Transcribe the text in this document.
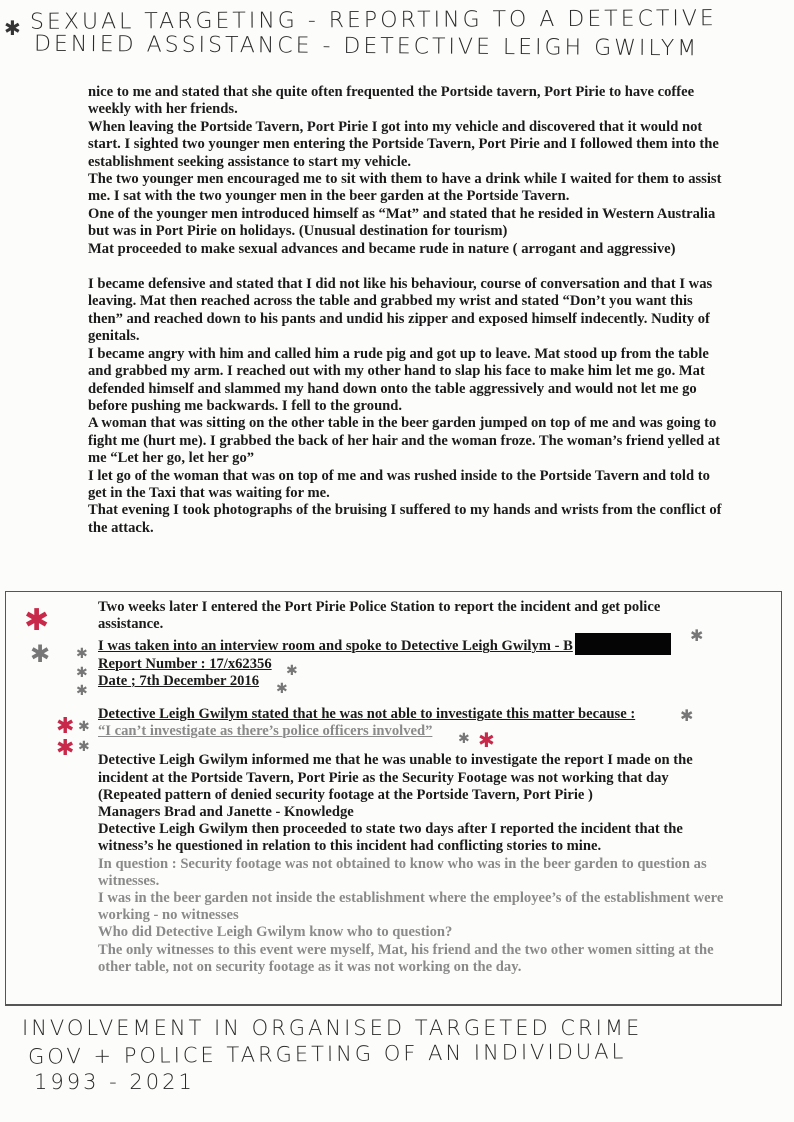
✱ SEXUAL TARGETING - REPORTING TO A DETECTIVE
DENIED ASSISTANCE - DETECTIVE LEIGH GWILYM

nice to me and stated that she quite often frequented the Portside tavern, Port Pirie to have coffee weekly with her friends.

When leaving the Portside Tavern, Port Pirie I got into my vehicle and discovered that it would not start. I sighted two younger men entering the Portside Tavern, Port Pirie and I followed them into the establishment seeking assistance to start my vehicle.

The two younger men encouraged me to sit with them to have a drink while I waited for them to assist me. I sat with the two younger men in the beer garden at the Portside Tavern.

One of the younger men introduced himself as “Mat” and stated that he resided in Western Australia but was in Port Pirie on holidays. (Unusual destination for tourism)

Mat proceeded to make sexual advances and became rude in nature ( arrogant and aggressive)

I became defensive and stated that I did not like his behaviour, course of conversation and that I was leaving. Mat then reached across the table and grabbed my wrist and stated “Don’t you want this then” and reached down to his pants and undid his zipper and exposed himself indecently. Nudity of genitals.

I became angry with him and called him a rude pig and got up to leave. Mat stood up from the table and grabbed my arm. I reached out with my other hand to slap his face to make him let me go. Mat defended himself and slammed my hand down onto the table aggressively and would not let me go before pushing me backwards. I fell to the ground.

A woman that was sitting on the other table in the beer garden jumped on top of me and was going to fight me (hurt me). I grabbed the back of her hair and the woman froze. The woman’s friend yelled at me “Let her go, let her go”

I let go of the woman that was on top of me and was rushed inside to the Portside Tavern and told to get in the Taxi that was waiting for me.

That evening I took photographs of the bruising I suffered to my hands and wrists from the conflict of the attack.

✱
✱ ✱
✱
✱
✱
✱
✱
✱
✱
✱
✱
✱
✱ ✱

Two weeks later I entered the Port Pirie Police Station to report the incident and get police assistance.

I was taken into an interview room and spoke to Detective Leigh Gwilym - B

Report Number : 17/x62356

Date ; 7th December 2016

Detective Leigh Gwilym stated that he was not able to investigate this matter because :

“I can’t investigate as there’s police officers involved”

Detective Leigh Gwilym informed me that he was unable to investigate the report I made on the incident at the Portside Tavern, Port Pirie as the Security Footage was not working that day (Repeated pattern of denied security footage at the Portside Tavern, Port Pirie )

Managers Brad and Janette - Knowledge

Detective Leigh Gwilym then proceeded to state two days after I reported the incident that the witness’s he questioned in relation to this incident had conflicting stories to mine.

In question : Security footage was not obtained to know who was in the beer garden to question as witnesses.

I was in the beer garden not inside the establishment where the employee’s of the establishment were working - no witnesses

Who did Detective Leigh Gwilym know who to question?

The only witnesses to this event were myself, Mat, his friend and the two other women sitting at the other table, not on security footage as it was not working on the day.

INVOLVEMENT IN ORGANISED TARGETED CRIME
GOV + POLICE TARGETING OF AN INDIVIDUAL
1993 - 2021
